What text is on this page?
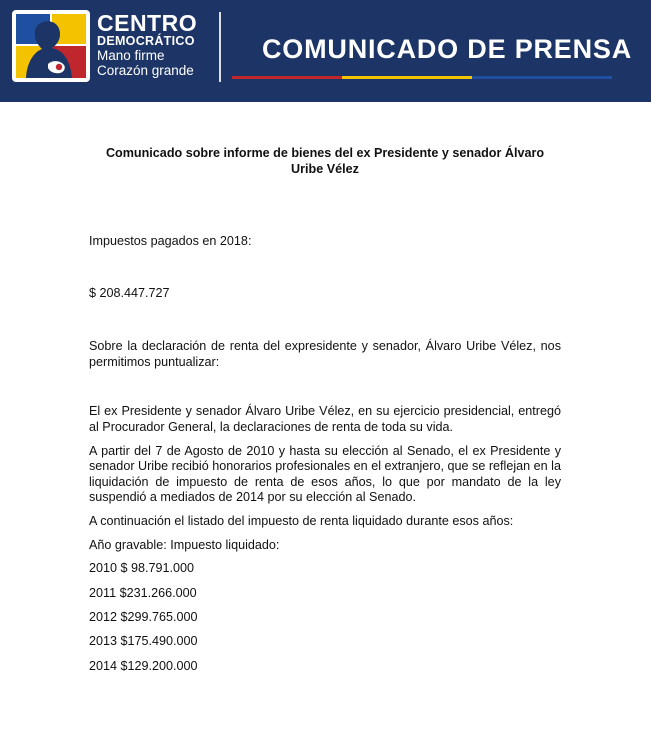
CENTRO
DEMOCRÁTICO
Mano firme
Corazón grande
COMUNICADO DE PRENSA

Comunicado sobre informe de bienes del ex Presidente y senador Álvaro Uribe Vélez

Impuestos pagados en 2018:

$ 208.447.727

Sobre la declaración de renta del expresidente y senador, Álvaro Uribe Vélez, nos permitimos puntualizar:

El ex Presidente y senador Álvaro Uribe Vélez, en su ejercicio presidencial, entregó al Procurador General, la declaraciones de renta de toda su vida.

A partir del 7 de Agosto de 2010 y hasta su elección al Senado, el ex Presidente y senador Uribe recibió honorarios profesionales en el extranjero, que se reflejan en la liquidación de impuesto de renta de esos años, lo que por mandato de la ley suspendió a mediados de 2014 por su elección al Senado.

A continuación el listado del impuesto de renta liquidado durante esos años:

Año gravable: Impuesto liquidado:

2010 $ 98.791.000

2011 $231.266.000

2012 $299.765.000

2013 $175.490.000

2014 $129.200.000
